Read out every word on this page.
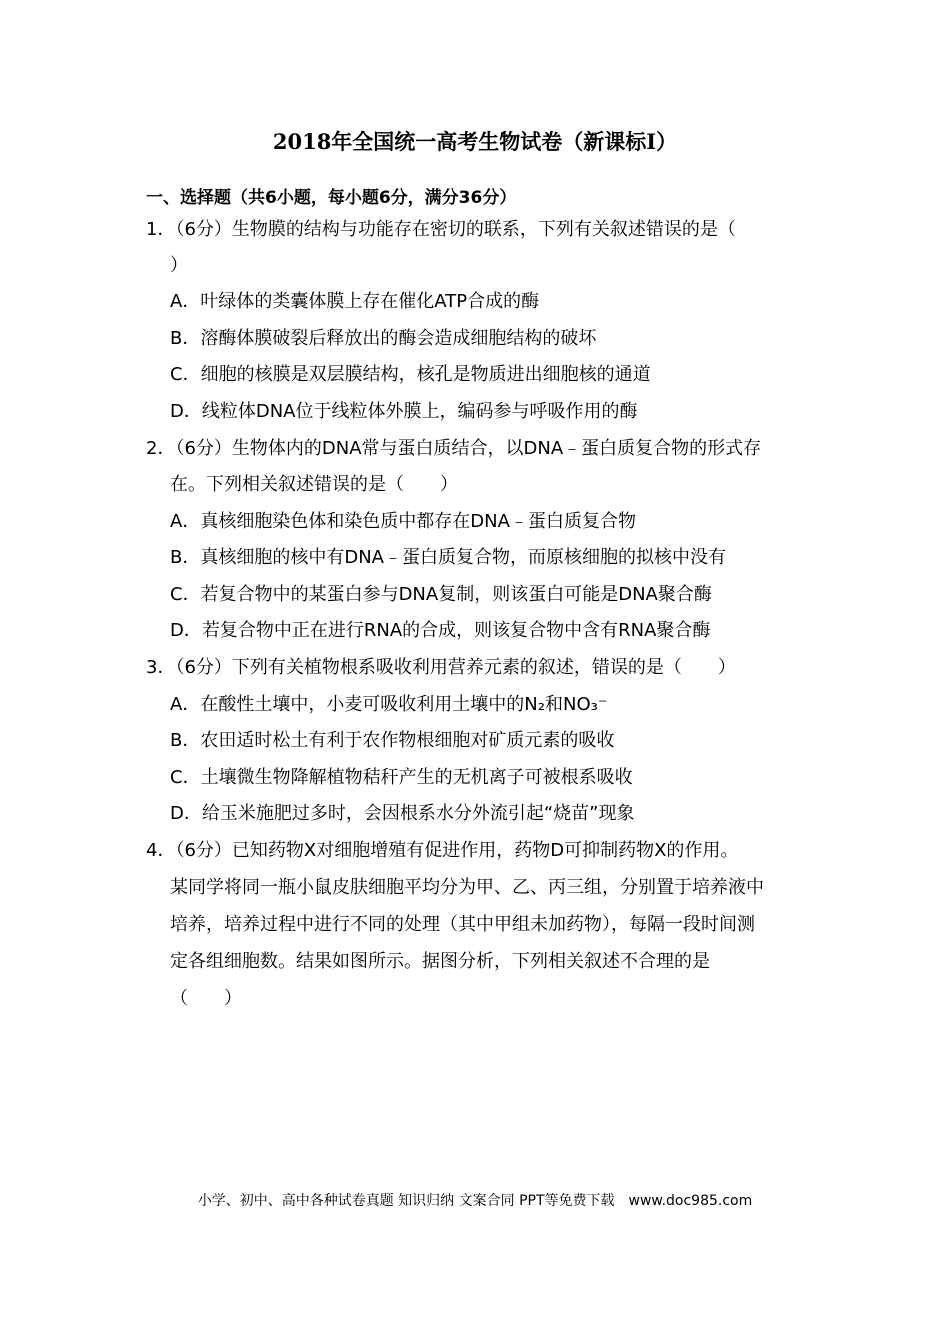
2018年全国统一高考生物试卷（新课标I）
一、选择题（共6小题，每小题6分，满分36分）
1．（6分）生物膜的结构与功能存在密切的联系，下列有关叙述错误的是（
）
A．叶绿体的类囊体膜上存在催化ATP合成的酶
B．溶酶体膜破裂后释放出的酶会造成细胞结构的破坏
C．细胞的核膜是双层膜结构，核孔是物质进出细胞核的通道
D．线粒体DNA位于线粒体外膜上，编码参与呼吸作用的酶
2．（6分）生物体内的DNA常与蛋白质结合，以DNA﹣蛋白质复合物的形式存
在。下列相关叙述错误的是（　　）
A．真核细胞染色体和染色质中都存在DNA﹣蛋白质复合物
B．真核细胞的核中有DNA﹣蛋白质复合物，而原核细胞的拟核中没有
C．若复合物中的某蛋白参与DNA复制，则该蛋白可能是DNA聚合酶
D．若复合物中正在进行RNA的合成，则该复合物中含有RNA聚合酶
3．（6分）下列有关植物根系吸收利用营养元素的叙述，错误的是（　　）
A．在酸性土壤中，小麦可吸收利用土壤中的N₂和NO₃⁻
B．农田适时松土有利于农作物根细胞对矿质元素的吸收
C．土壤微生物降解植物秸秆产生的无机离子可被根系吸收
D．给玉米施肥过多时，会因根系水分外流引起“烧苗”现象
4．（6分）已知药物X对细胞增殖有促进作用，药物D可抑制药物X的作用。
某同学将同一瓶小鼠皮肤细胞平均分为甲、乙、丙三组，分别置于培养液中
培养，培养过程中进行不同的处理（其中甲组未加药物），每隔一段时间测
定各组细胞数。结果如图所示。据图分析，下列相关叙述不合理的是
（　　）
小学、初中、高中各种试卷真题 知识归纳 文案合同 PPT等免费下载　www.doc985.com
